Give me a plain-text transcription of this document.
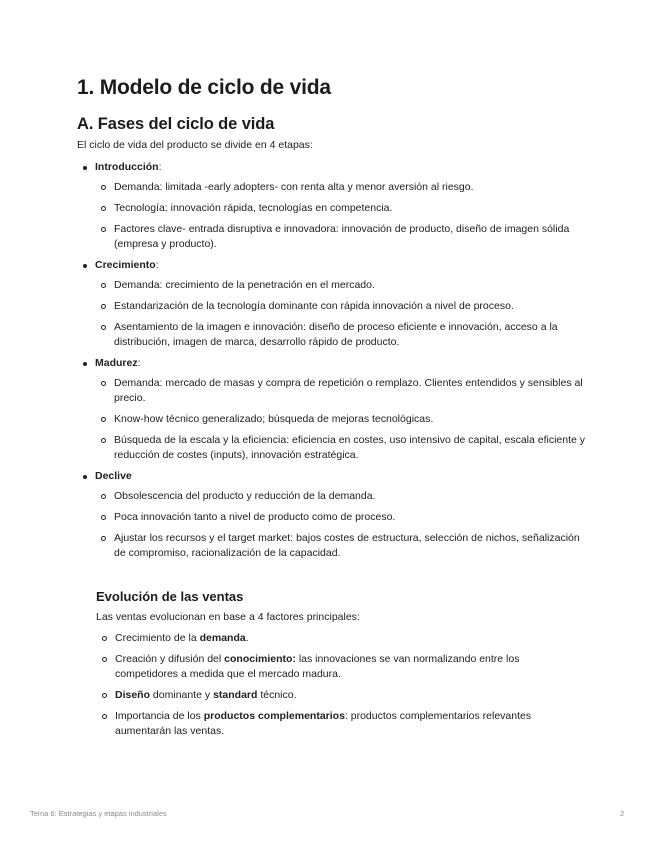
1. Modelo de ciclo de vida
A. Fases del ciclo de vida

El ciclo de vida del producto se divide en 4 etapas:

Introducción:
Demanda: limitada -early adopters- con renta alta y menor aversión al riesgo.
Tecnología: innovación rápida, tecnologías en competencia.
Factores clave- entrada disruptiva e innovadora: innovación de producto, diseño de imagen sólida (empresa y producto).
Crecimiento:
Demanda: crecimiento de la penetración en el mercado.
Estandarización de la tecnología dominante con rápida innovación a nivel de proceso.
Asentamiento de la imagen e innovación: diseño de proceso eficiente e innovación, acceso a la distribución, imagen de marca, desarrollo rápido de producto.
Madurez:
Demanda: mercado de masas y compra de repetición o remplazo. Clientes entendidos y sensibles al precio.
Know-how técnico generalizado; búsqueda de mejoras tecnológicas.
Búsqueda de la escala y la eficiencia: eficiencia en costes, uso intensivo de capital, escala eficiente y reducción de costes (inputs), innovación estratégica.
Declive
Obsolescencia del producto y reducción de la demanda.
Poca innovación tanto a nivel de producto como de proceso.
Ajustar los recursos y el target market: bajos costes de estructura, selección de nichos, señalización de compromiso, racionalización de la capacidad.
Evolución de las ventas

Las ventas evolucionan en base a 4 factores principales:

Crecimiento de la demanda.
Creación y difusión del conocimiento: las innovaciones se van normalizando entre los competidores a medida que el mercado madura.
Diseño dominante y standard técnico.
Importancia de los productos complementarios: productos complementarios relevantes aumentarán las ventas.
Tema 6: Estrategias y etapas industriales	2
